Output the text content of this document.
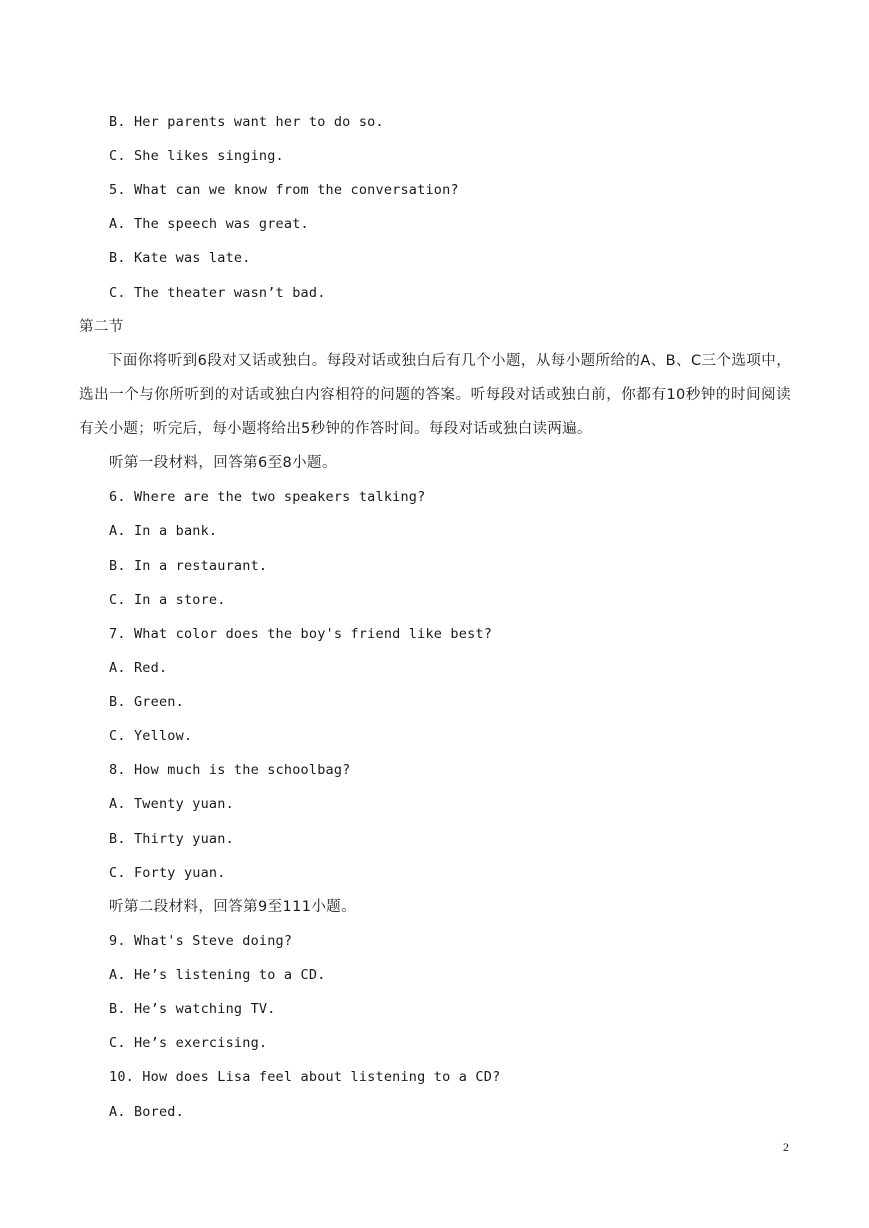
B. Her parents want her to do so.
C. She likes singing.
5. What can we know from the conversation?
A. The speech was great.
B. Kate was late.
C. The theater wasn’t bad.
第二节
下面你将听到6段对又话或独白。每段对话或独白后有几个小题，从每小题所给的A、B、C三个选项中，选出一个与你所听到的对话或独白内容相符的问题的答案。听每段对话或独白前，你都有10秒钟的时间阅读有关小题；听完后，每小题将给出5秒钟的作答时间。每段对话或独白读两遍。
听第一段材料，回答第6至8小题。
6. Where are the two speakers talking?
A. In a bank.
B. In a restaurant.
C. In a store.
7. What color does the boy's friend like best?
A. Red.
B. Green.
C. Yellow.
8. How much is the schoolbag?
A. Twenty yuan.
B. Thirty yuan.
C. Forty yuan.
听第二段材料，回答第9至111小题。
9. What's Steve doing?
A. He’s listening to a CD.
B. He’s watching TV.
C. He’s exercising.
10. How does Lisa feel about listening to a CD?
A. Bored.
2
